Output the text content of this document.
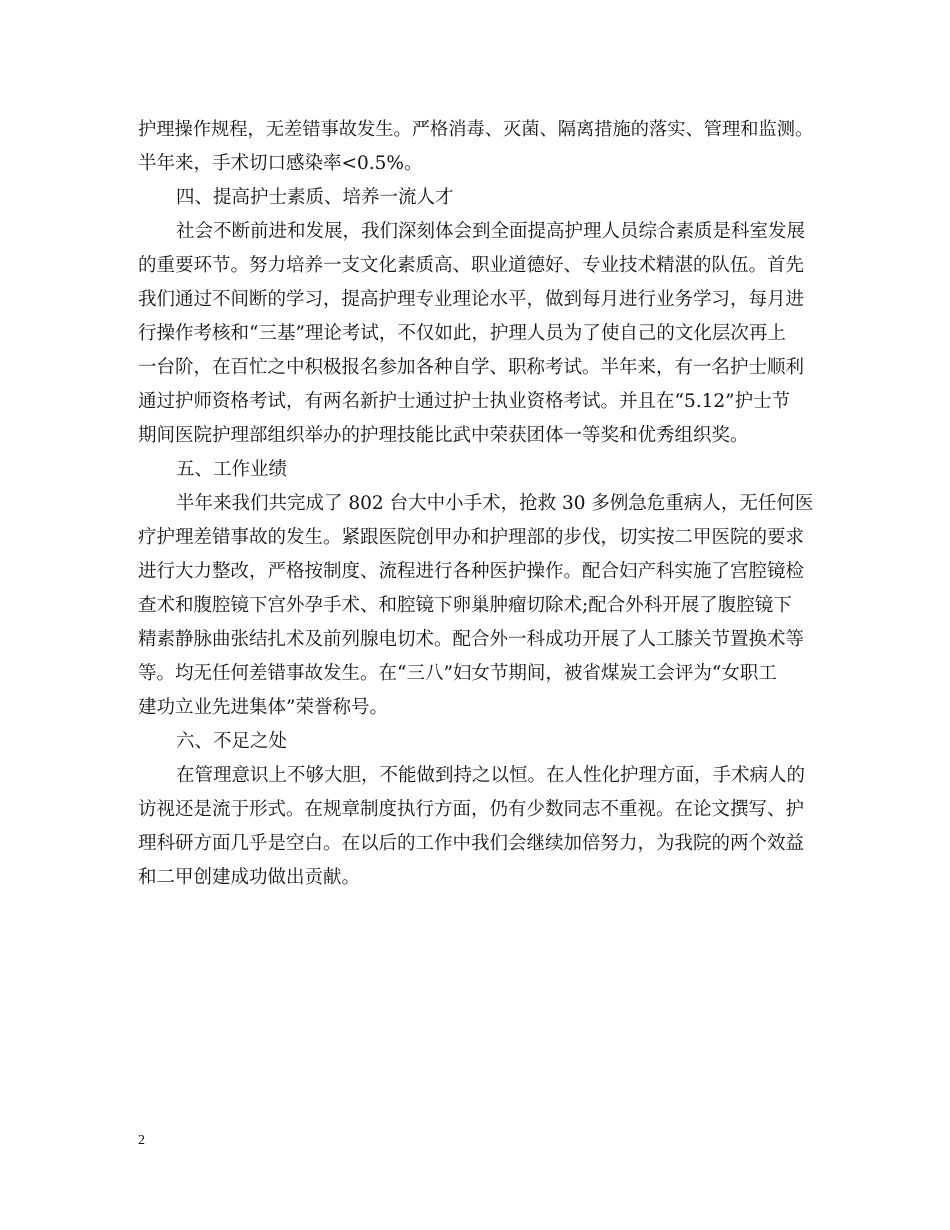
护理操作规程，无差错事故发生。严格消毒、灭菌、隔离措施的落实、管理和监测。
半年来，手术切口感染率<0.5%。
四、提高护士素质、培养一流人才
社会不断前进和发展，我们深刻体会到全面提高护理人员综合素质是科室发展
的重要环节。努力培养一支文化素质高、职业道德好、专业技术精湛的队伍。首先
我们通过不间断的学习，提高护理专业理论水平，做到每月进行业务学习，每月进
行操作考核和“三基”理论考试，不仅如此，护理人员为了使自己的文化层次再上
一台阶，在百忙之中积极报名参加各种自学、职称考试。半年来，有一名护士顺利
通过护师资格考试，有两名新护士通过护士执业资格考试。并且在“5.12”护士节
期间医院护理部组织举办的护理技能比武中荣获团体一等奖和优秀组织奖。
五、工作业绩
半年来我们共完成了 802 台大中小手术，抢救 30 多例急危重病人，无任何医
疗护理差错事故的发生。紧跟医院创甲办和护理部的步伐，切实按二甲医院的要求
进行大力整改，严格按制度、流程进行各种医护操作。配合妇产科实施了宫腔镜检
查术和腹腔镜下宫外孕手术、和腔镜下卵巢肿瘤切除术;配合外科开展了腹腔镜下
精素静脉曲张结扎术及前列腺电切术。配合外一科成功开展了人工膝关节置换术等
等。均无任何差错事故发生。在“三八”妇女节期间，被省煤炭工会评为“女职工
建功立业先进集体”荣誉称号。
六、不足之处
在管理意识上不够大胆，不能做到持之以恒。在人性化护理方面，手术病人的
访视还是流于形式。在规章制度执行方面，仍有少数同志不重视。在论文撰写、护
理科研方面几乎是空白。在以后的工作中我们会继续加倍努力，为我院的两个效益
和二甲创建成功做出贡献。
2
